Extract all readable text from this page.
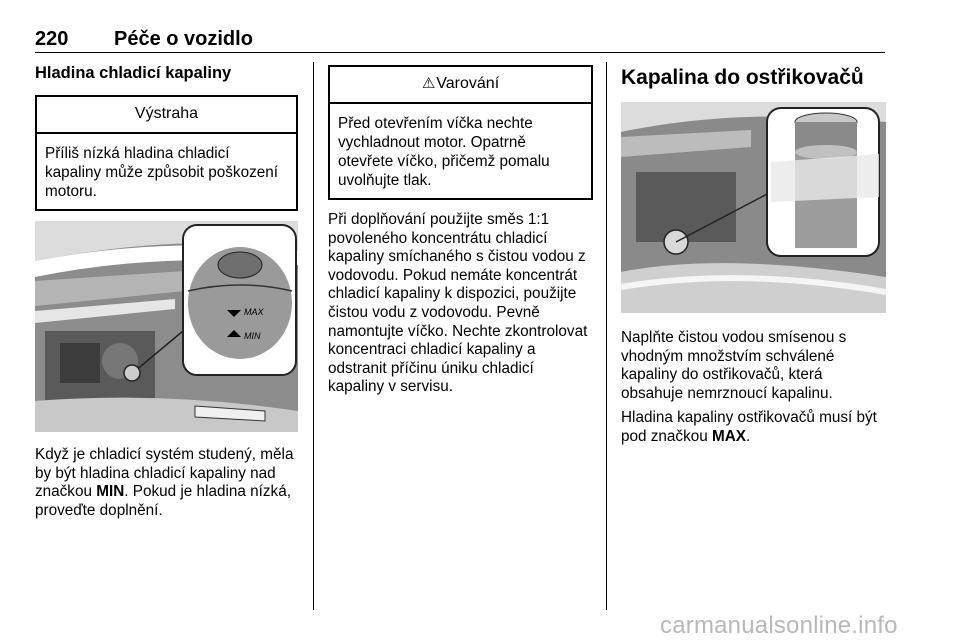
220 Péče o vozidlo
Hladina chladicí kapaliny
Výstraha
Příliš nízká hladina chladicí kapaliny může způsobit poškození motoru.
MAX
MIN
Když je chladicí systém studený, měla by být hladina chladicí kapaliny nad značkou MIN. Pokud je hladina nízká, proveďte doplnění.
⚠Varování
Před otevřením víčka nechte vychladnout motor. Opatrně otevřete víčko, přičemž pomalu uvolňujte tlak.
Při doplňování použijte směs 1:1 povoleného koncentrátu chladicí kapaliny smíchaného s čistou vodou z vodovodu. Pokud nemáte koncentrát chladicí kapaliny k dispozici, použijte čistou vodu z vodovodu. Pevně namontujte víčko. Nechte zkontrolovat koncentraci chladicí kapaliny a odstranit příčinu úniku chladicí kapaliny v servisu.
Kapalina do ostřikovačů
Naplňte čistou vodou smísenou s vhodným množstvím schválené kapaliny do ostřikovačů, která obsahuje nemrznoucí kapalinu.
Hladina kapaliny ostřikovačů musí být pod značkou MAX.
carmanualsonline.info
